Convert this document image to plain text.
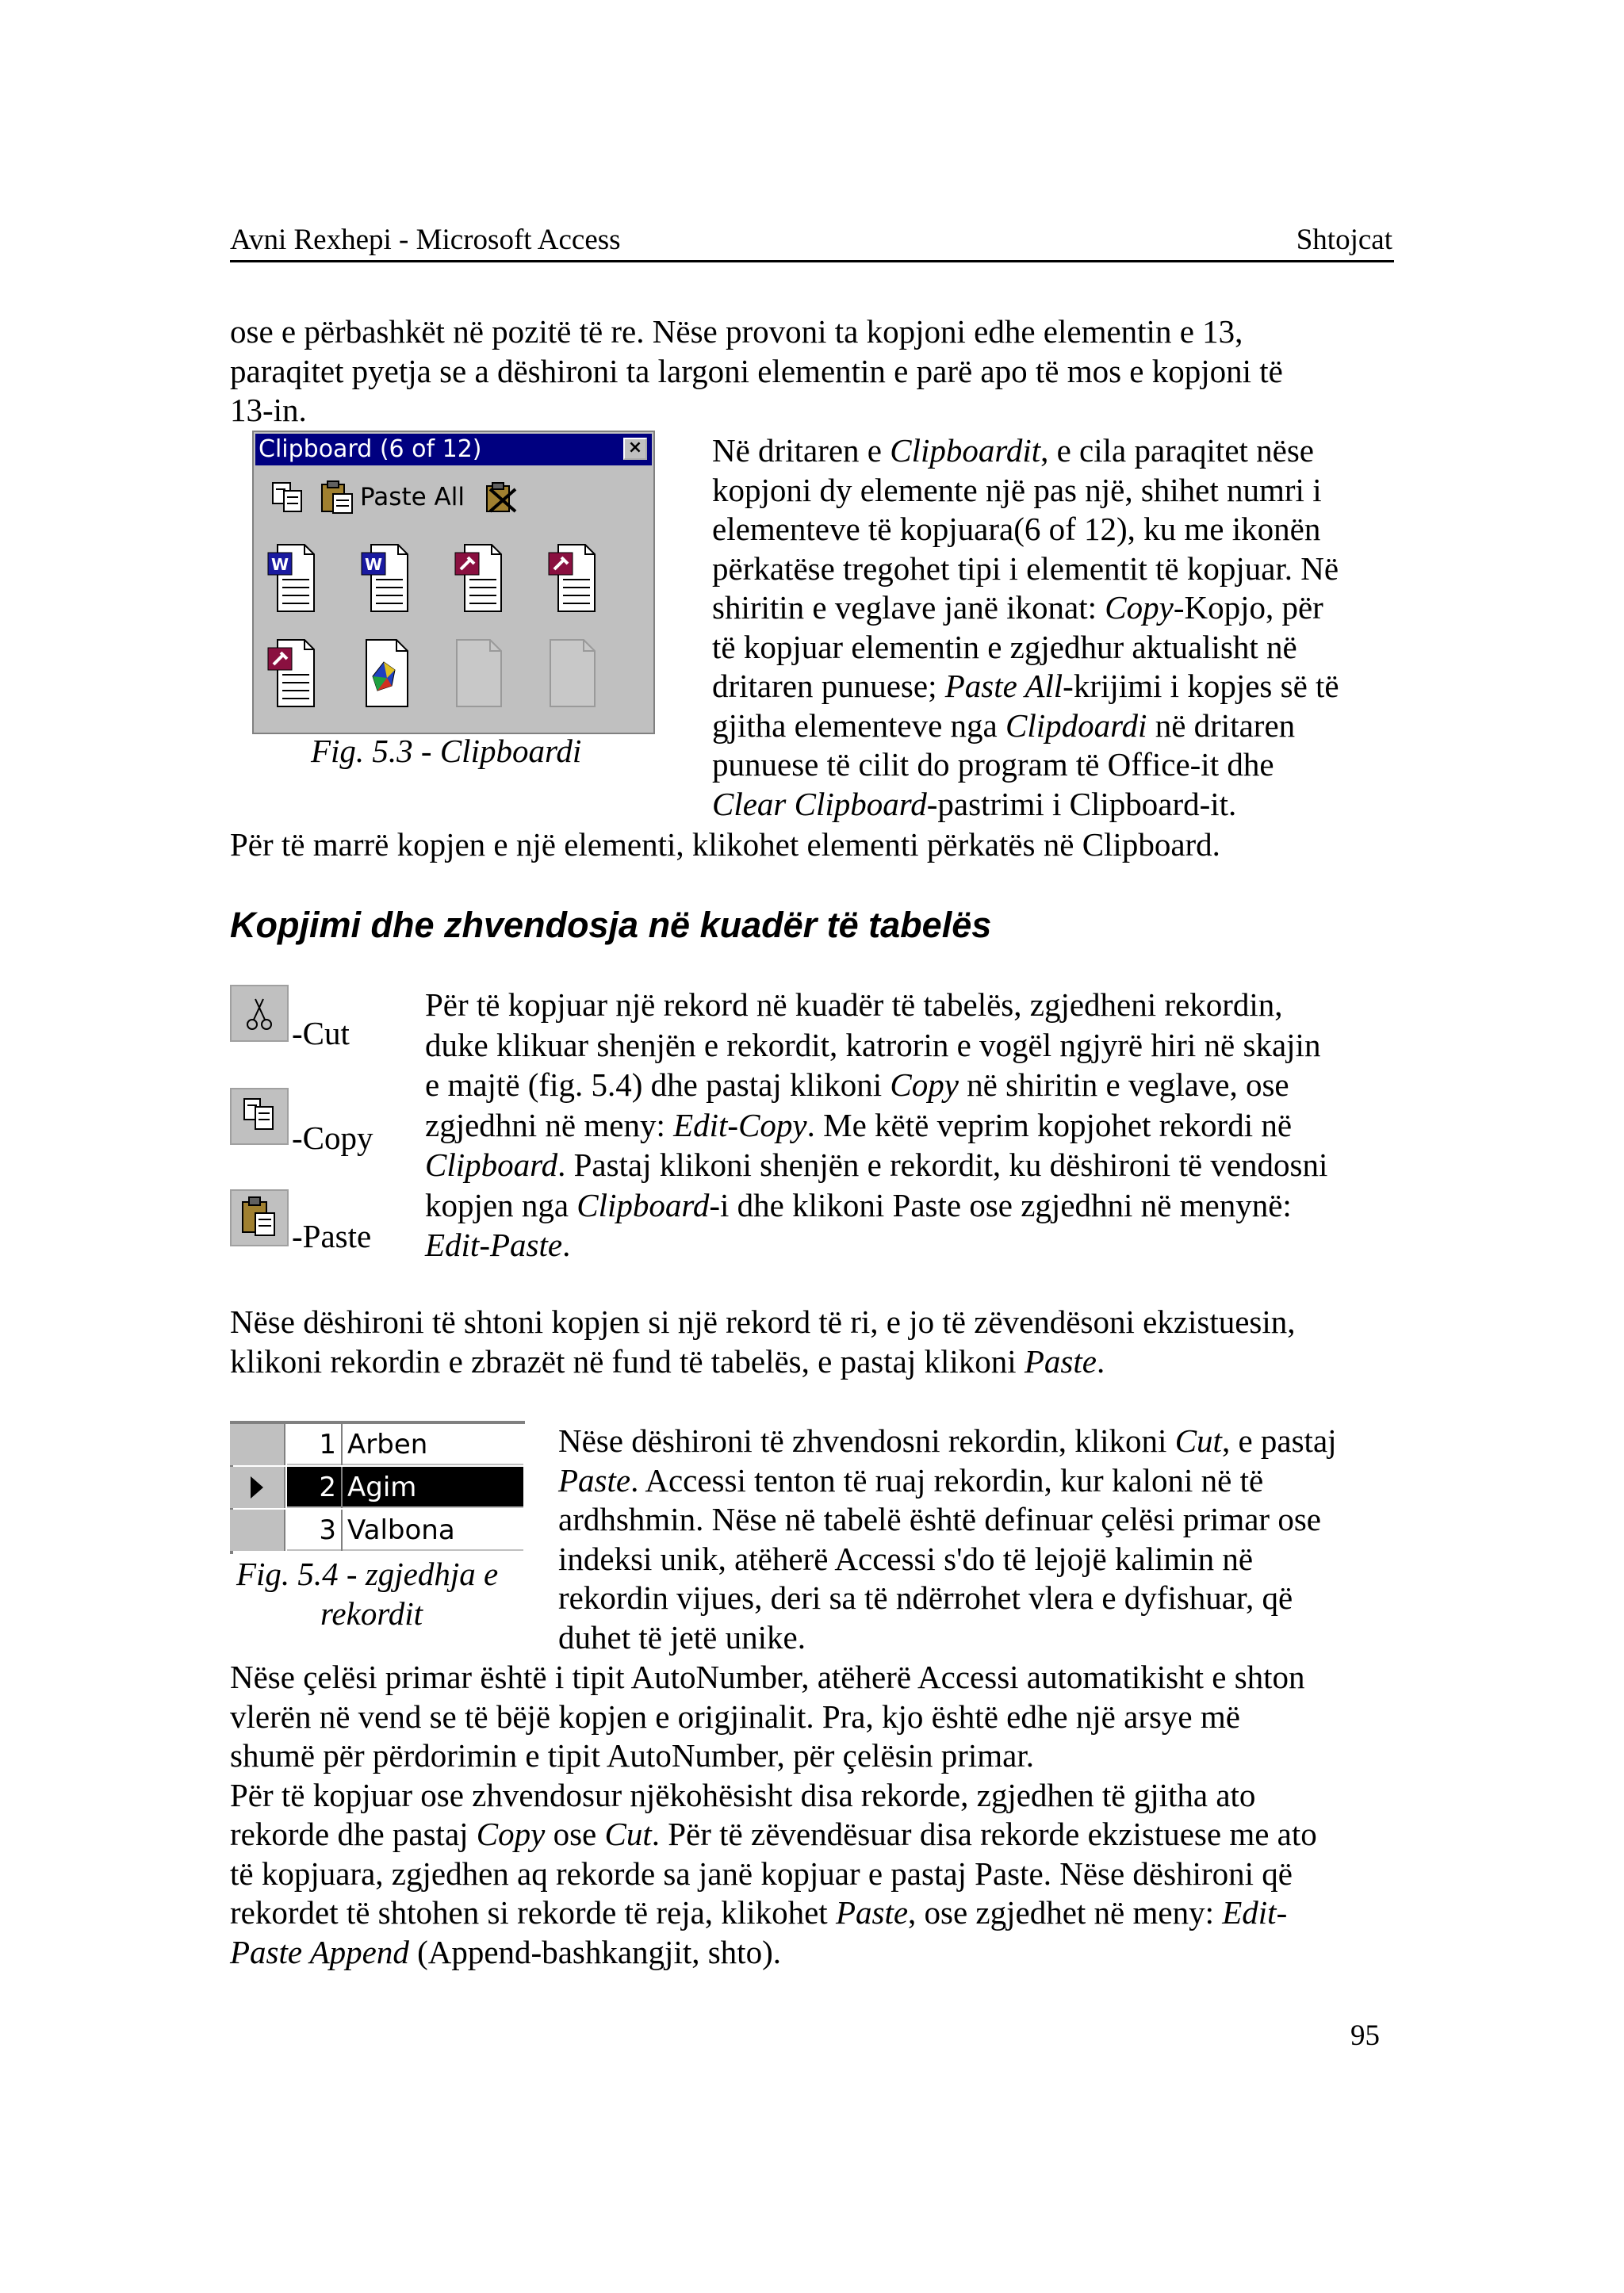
Avni Rexhepi - Microsoft Access	Shtojcat
ose e përbashkët në pozitë të re. Nëse provoni ta kopjoni edhe elementin e 13,
paraqitet pyetja se a dëshironi ta largoni elementin e parë apo të mos e kopjoni të
13-in.
Clipboard (6 of 12)	×
Paste All
W	W
Fig. 5.3 - Clipboardi
Në dritaren e Clipboardit, e cila paraqitet nëse
kopjoni dy elemente një pas një, shihet numri i
elementeve të kopjuara(6 of 12), ku me ikonën
përkatëse tregohet tipi i elementit të kopjuar. Në
shiritin e veglave janë ikonat: Copy-Kopjo, për
të kopjuar elementin e zgjedhur aktualisht në
dritaren punuese; Paste All-krijimi i kopjes së të
gjitha elementeve nga Clipdoardi në dritaren
punuese të cilit do program të Office-it dhe
Clear Clipboard-pastrimi i Clipboard-it.
Për të marrë kopjen e një elementi, klikohet elementi përkatës në Clipboard.
Kopjimi dhe zhvendosja në kuadër të tabelës
-Cut
-Copy
-Paste
Për të kopjuar një rekord në kuadër të tabelës, zgjedheni rekordin,
duke klikuar shenjën e rekordit, katrorin e vogël ngjyrë hiri në skajin
e majtë (fig. 5.4) dhe pastaj klikoni Copy në shiritin e veglave, ose
zgjedhni në meny: Edit-Copy. Me këtë veprim kopjohet rekordi në
Clipboard. Pastaj klikoni shenjën e rekordit, ku dëshironi të vendosni
kopjen nga Clipboard-i dhe klikoni Paste ose zgjedhni në menynë:
Edit-Paste.
Nëse dëshironi të shtoni kopjen si një rekord të ri, e jo të zëvendësoni ekzistuesin,
klikoni rekordin e zbrazët në fund të tabelës, e pastaj klikoni Paste.
1 Arben
2 Agim
3 Valbona
Fig. 5.4 - zgjedhja e
rekordit
Nëse dëshironi të zhvendosni rekordin, klikoni Cut, e pastaj
Paste. Accessi tenton të ruaj rekordin, kur kaloni në të
ardhshmin. Nëse në tabelë është definuar çelësi primar ose
indeksi unik, atëherë Accessi s'do të lejojë kalimin në
rekordin vijues, deri sa të ndërrohet vlera e dyfishuar, që
duhet të jetë unike.
Nëse çelësi primar është i tipit AutoNumber, atëherë Accessi automatikisht e shton
vlerën në vend se të bëjë kopjen e origjinalit. Pra, kjo është edhe një arsye më
shumë për përdorimin e tipit AutoNumber, për çelësin primar.
Për të kopjuar ose zhvendosur njëkohësisht disa rekorde, zgjedhen të gjitha ato
rekorde dhe pastaj Copy ose Cut. Për të zëvendësuar disa rekorde ekzistuese me ato
të kopjuara, zgjedhen aq rekorde sa janë kopjuar e pastaj Paste. Nëse dëshironi që
rekordet të shtohen si rekorde të reja, klikohet Paste, ose zgjedhet në meny: Edit-
Paste Append (Append-bashkangjit, shto).
95
